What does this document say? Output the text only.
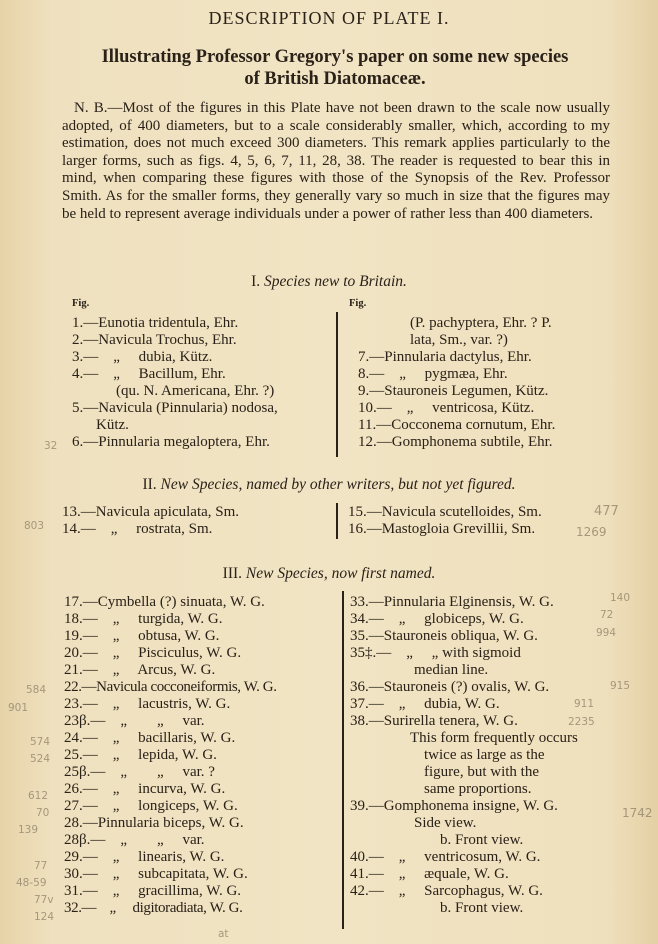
DESCRIPTION OF PLATE I.
Illustrating Professor Gregory's paper on some new species
of British Diatomaceæ.
N. B.—Most of the figures in this Plate have not been drawn to the scale now usually adopted, of 400 diameters, but to a scale considerably smaller, which, according to my estimation, does not much exceed 300 diameters. This remark applies particularly to the larger forms, such as figs. 4, 5, 6, 7, 11, 28, 38. The reader is requested to bear this in mind, when comparing these figures with those of the Synopsis of the Rev. Professor Smith. As for the smaller forms, they generally vary so much in size that the figures may be held to represent average individuals under a power of rather less than 400 diameters.
I. Species new to Britain.
Fig.	Fig.
1.—Eunotia tridentula, Ehr.
2.—Navicula Trochus, Ehr.
3.—    „     dubia, Kütz.
4.—    „     Bacillum, Ehr.
(qu. N. Americana, Ehr. ?)
5.—Navicula (Pinnularia) nodosa,
Kütz.
6.—Pinnularia megaloptera, Ehr.
(P. pachyptera, Ehr. ? P.
lata, Sm., var. ?)
7.—Pinnularia dactylus, Ehr.
8.—    „     pygmæa, Ehr.
9.—Stauroneis Legumen, Kütz.
10.—    „     ventricosa, Kütz.
11.—Cocconema cornutum, Ehr.
12.—Gomphonema subtile, Ehr.
II. New Species, named by other writers, but not yet figured.
13.—Navicula apiculata, Sm.
14.—    „     rostrata, Sm.
15.—Navicula scutelloides, Sm.
16.—Mastogloia Grevillii, Sm.
III. New Species, now first named.
17.—Cymbella (?) sinuata, W. G.
18.—    „     turgida, W. G.
19.—    „     obtusa, W. G.
20.—    „     Pisciculus, W. G.
21.—    „     Arcus, W. G.
22.—Navicula cocconeiformis, W. G.
23.—    „     lacustris, W. G.
23β.—    „        „     var.
24.—    „     bacillaris, W. G.
25.—    „     lepida, W. G.
25β.—    „        „     var. ?
26.—    „     incurva, W. G.
27.—    „     longiceps, W. G.
28.—Pinnularia biceps, W. G.
28β.—    „        „     var.
29.—    „     linearis, W. G.
30.—    „     subcapitata, W. G.
31.—    „     gracillima, W. G.
32.—    „     digitoradiata, W. G.
33.—Pinnularia Elginensis, W. G.
34.—    „     globiceps, W. G.
35.—Stauroneis obliqua, W. G.
35‡.—    „     „ with sigmoid
median line.
36.—Stauroneis (?) ovalis, W. G.
37.—    „     dubia, W. G.
38.—Surirella tenera, W. G.
This form frequently occurs
twice as large as the
figure, but with the
same proportions.
39.—Gomphonema insigne, W. G.
Side view.
b. Front view.
40.—    „     ventricosum, W. G.
41.—    „     æquale, W. G.
42.—    „     Sarcophagus, W. G.
b. Front view.
32
803
477
1269
584
901
574
524
612
70
139
77
48-59
77v
124
140
72
994
915
911
2235
1742
at
